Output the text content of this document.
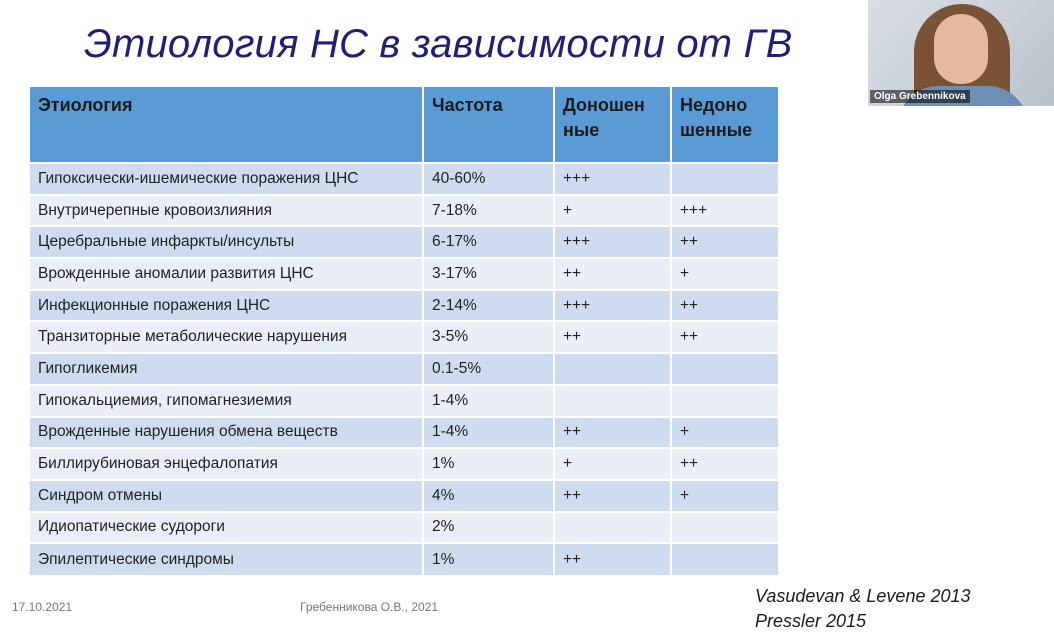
Этиология НС в зависимости от ГВ
Этиология	Частота	Доношен ные	Недоно шенные
Гипоксически-ишемические поражения ЦНС	40-60%	+++	
Внутричерепные кровоизлияния	7-18%	+	+++
Церебральные инфаркты/инсульты	6-17%	+++	++
Врожденные аномалии развития ЦНС	3-17%	++	+
Инфекционные поражения ЦНС	2-14%	+++	++
Транзиторные метаболические нарушения	3-5%	++	++
Гипогликемия	0.1-5%		
Гипокальциемия, гипомагнезиемия	1-4%		
Врожденные нарушения обмена веществ	1-4%	++	+
Биллирубиновая энцефалопатия	1%	+	++
Синдром отмены	4%	++	+
Идиопатические судороги	2%		
Эпилептические синдромы	1%	++	
Olga Grebennikova
17.10.2021	Гребенникова О.В., 2021
Vasudevan & Levene 2013
Pressler 2015
